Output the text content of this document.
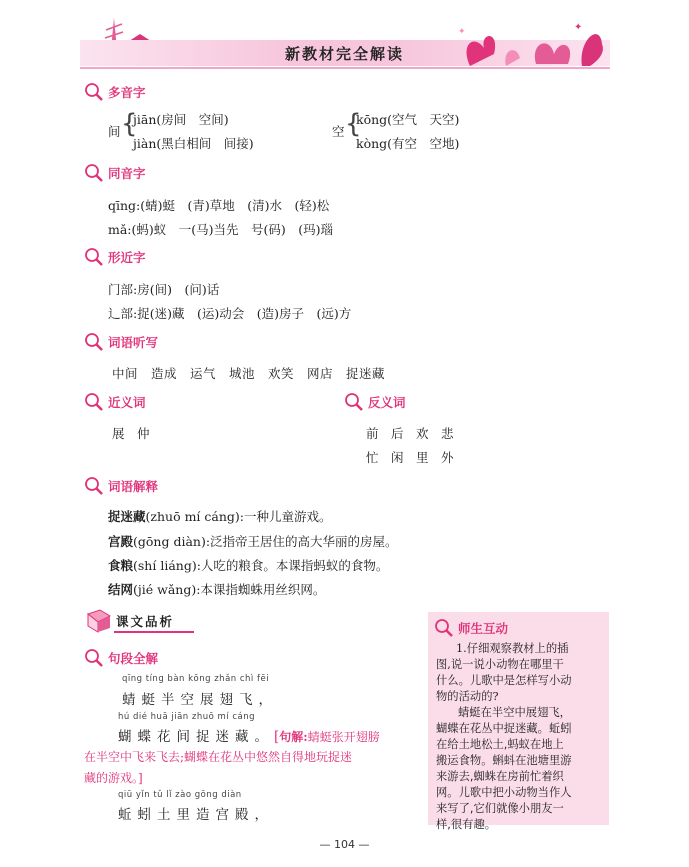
新教材完全解读
✦
✦
多音字
间 {
jiān(房间　空间)
jiàn(黑白相间　间接)
空 {
kōng(空气　天空)
kòng(有空　空地)
同音字
qīng:(蜻)蜓　(青)草地　(清)水　(轻)松
mǎ:(蚂)蚁　一(马)当先　号(码)　(玛)瑙
形近字
门部:房(间)　(问)话
辶部:捉(迷)藏　(运)动会　(造)房子　(远)方
词语听写
中间　造成　运气　城池　欢笑　网店　捉迷藏
近义词	反义词
展　仲	前　后　欢　悲
忙　闲　里　外
词语解释
捉迷藏(zhuō mí cáng):一种儿童游戏。
宫殿(gōng diàn):泛指帝王居住的高大华丽的房屋。
食粮(shí liáng):人吃的粮食。本课指蚂蚁的食物。
结网(jié wǎng):本课指蜘蛛用丝织网。
课文品析
句段全解
qīng tíng bàn kōng zhǎn chì fēi
蜻蜓半空展翅飞，
hú dié huā jiān zhuō mí cáng
蝴蝶花间捉迷藏。[句解:蜻蜓张开翅膀
在半空中飞来飞去;蝴蝶在花丛中悠然自得地玩捉迷
藏的游戏。]
qiū yǐn tǔ lǐ zào gōng diàn
蚯蚓土里造宫殿，
师生互动
1.仔细观察教材上的插
图,说一说小动物在哪里干
什么。儿歌中是怎样写小动
物的活动的?
蜻蜓在半空中展翅飞，
蝴蝶在花丛中捉迷藏。蚯蚓
在给土地松土,蚂蚁在地上
搬运食物。蝌蚪在池塘里游
来游去,蜘蛛在房前忙着织
网。儿歌中把小动物当作人
来写了,它们就像小朋友一
样,很有趣。
— 104 —
